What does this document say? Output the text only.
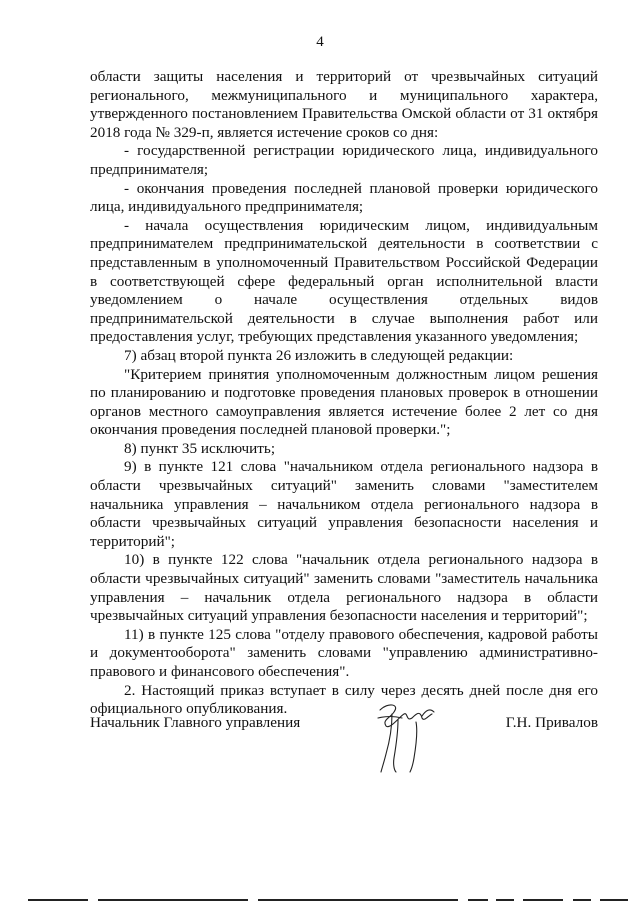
4

области защиты населения и территорий от чрезвычайных ситуаций регионального, межмуниципального и муниципального характера, утвержденного постановлением Правительства Омской области от 31 октября 2018 года № 329-п, является истечение сроков со дня:

- государственной регистрации юридического лица, индивидуального предпринимателя;

- окончания проведения последней плановой проверки юридического лица, индивидуального предпринимателя;

- начала осуществления юридическим лицом, индивидуальным предпринимателем предпринимательской деятельности в соответствии с представленным в уполномоченный Правительством Российской Федерации в соответствующей сфере федеральный орган исполнительной власти уведомлением о начале осуществления отдельных видов предпринимательской деятельности в случае выполнения работ или предоставления услуг, требующих представления указанного уведомления;

7) абзац второй пункта 26 изложить в следующей редакции:

"Критерием принятия уполномоченным должностным лицом решения по планированию и подготовке проведения плановых проверок в отношении органов местного самоуправления является истечение более 2 лет со дня окончания проведения последней плановой проверки.";

8) пункт 35 исключить;

9) в пункте 121 слова "начальником отдела регионального надзора в области чрезвычайных ситуаций" заменить словами "заместителем начальника управления – начальником отдела регионального надзора в области чрезвычайных ситуаций управления безопасности населения и территорий";

10) в пункте 122 слова "начальник отдела регионального надзора в области чрезвычайных ситуаций" заменить словами "заместитель начальника управления – начальник отдела регионального надзора в области чрезвычайных ситуаций управления безопасности населения и территорий";

11) в пункте 125 слова "отделу правового обеспечения, кадровой работы и документооборота" заменить словами "управлению административно-правового и финансового обеспечения".

2. Настоящий приказ вступает в силу через десять дней после дня его официального опубликования.

Начальник Главного управления	Г.Н. Привалов
